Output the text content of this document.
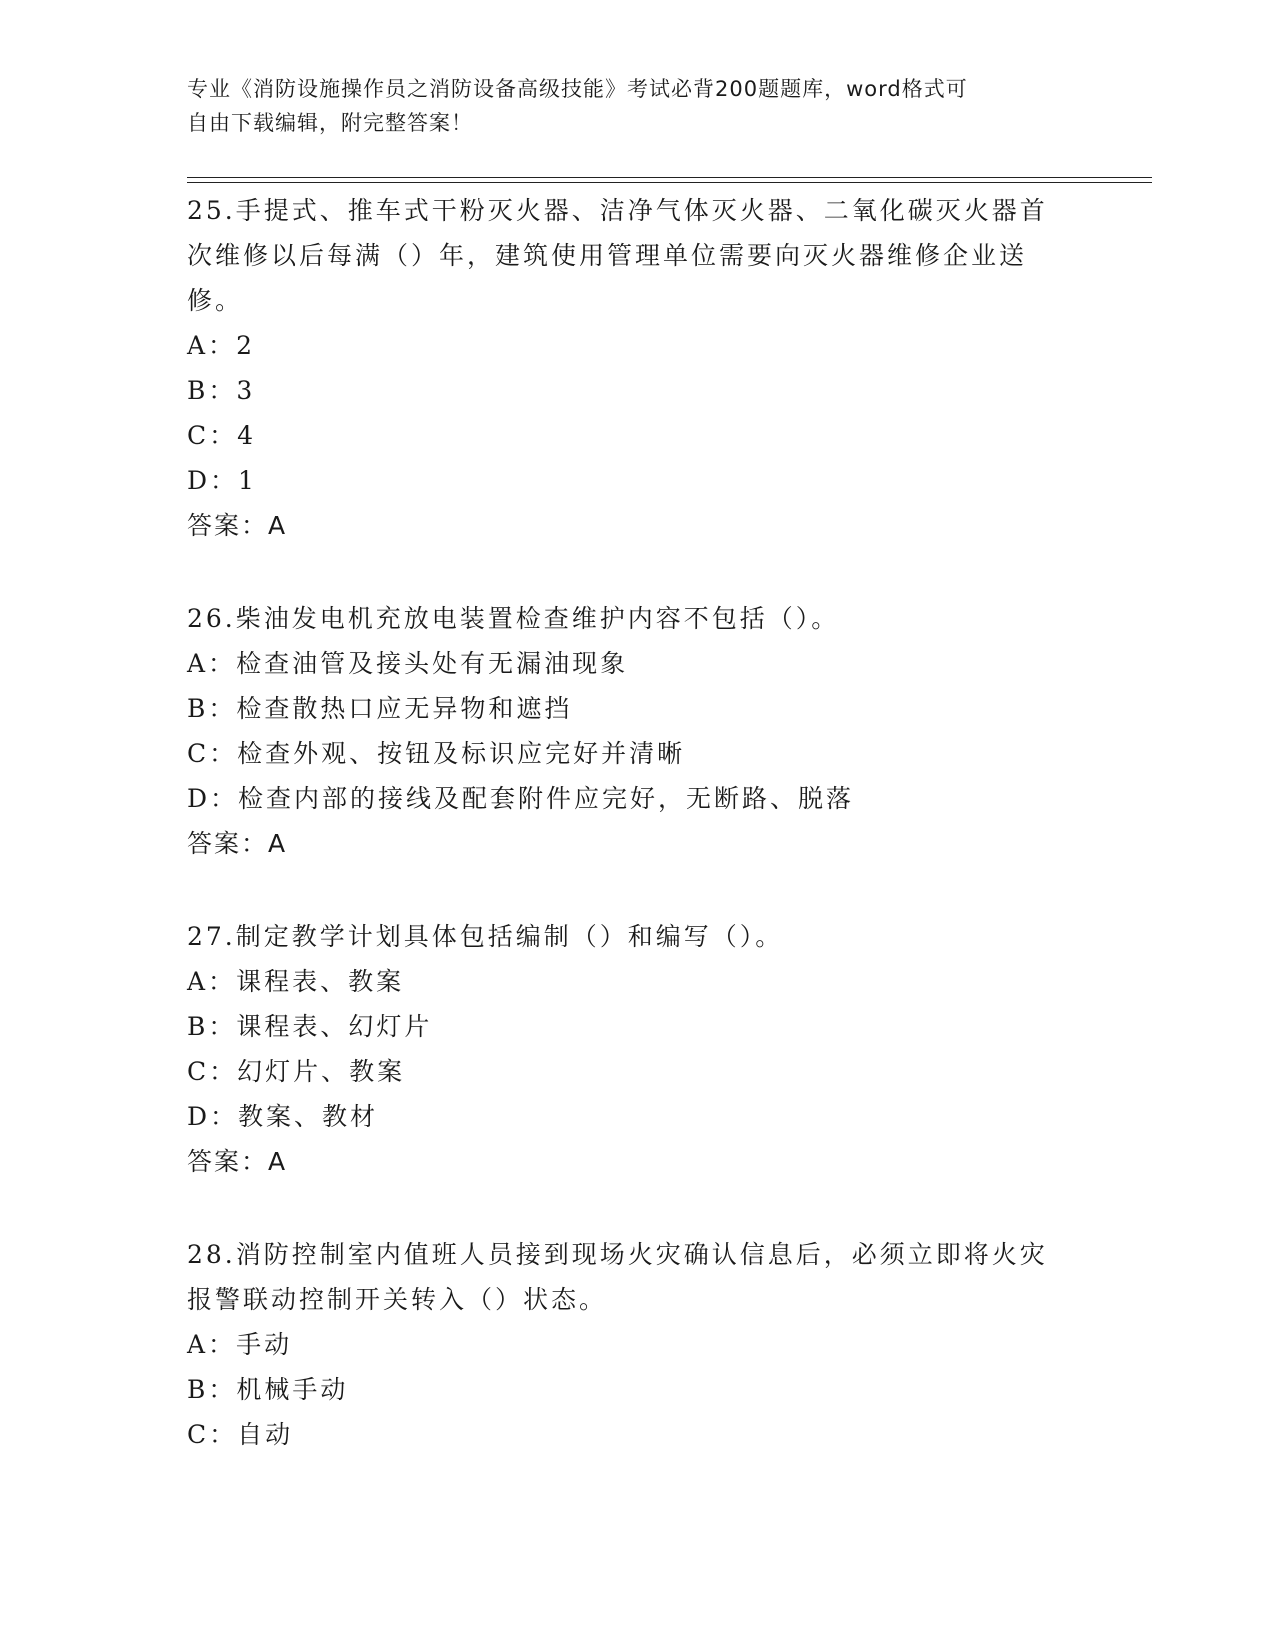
专业《消防设施操作员之消防设备高级技能》考试必背200题题库，word格式可
自由下载编辑，附完整答案！

25.手提式、推车式干粉灭火器、洁净气体灭火器、二氧化碳灭火器首

次维修以后每满（）年，建筑使用管理单位需要向灭火器维修企业送

修。

A：2

B：3

C：4

D：1

答案：A

26.柴油发电机充放电装置检查维护内容不包括（）。

A：检查油管及接头处有无漏油现象

B：检查散热口应无异物和遮挡

C：检查外观、按钮及标识应完好并清晰

D：检查内部的接线及配套附件应完好，无断路、脱落

答案：A

27.制定教学计划具体包括编制（）和编写（）。

A：课程表、教案

B：课程表、幻灯片

C：幻灯片、教案

D：教案、教材

答案：A

28.消防控制室内值班人员接到现场火灾确认信息后，必须立即将火灾

报警联动控制开关转入（）状态。

A：手动

B：机械手动

C：自动
